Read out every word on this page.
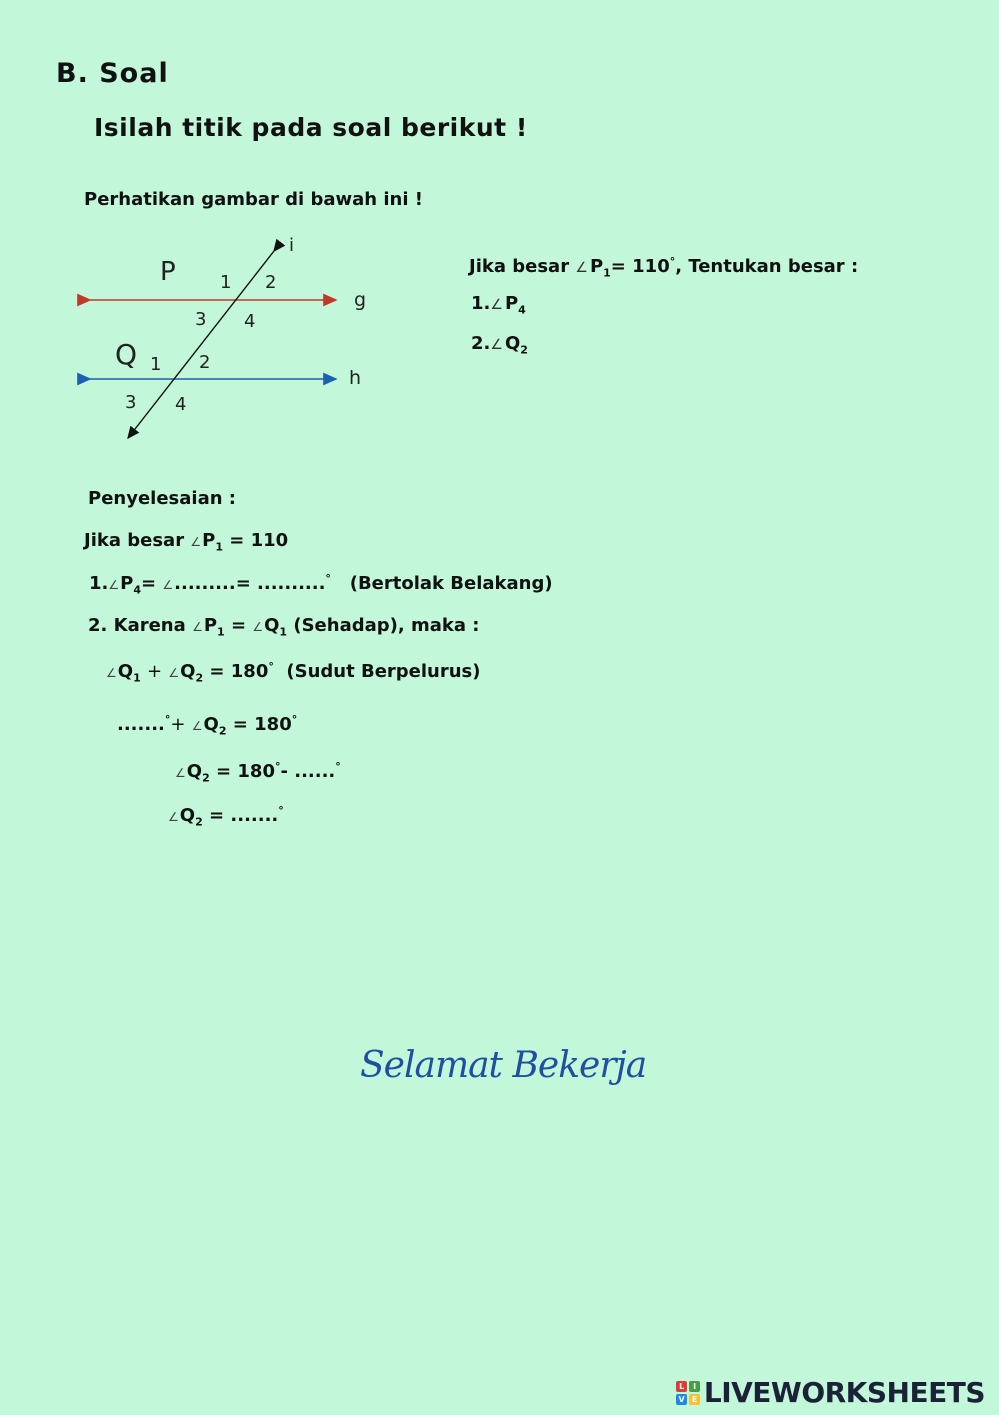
B. Soal
Isilah titik pada soal berikut !
Perhatikan gambar di bawah ini !
i
g
h
P
Q
1 2
3 4
1 2
3 4
Jika besar ∠ $P_1= 110^\circ$, Tentukan besar :
1.∠ $P_4$
2.∠ $Q_2$
Penyelesaian :
Jika besar $\angle P_1 = 110$
$1.\angle P_4=$ ∠.........= ..........° (Bertolak Belakang)
2. Karena $\angle P_1$ = $\angle Q_1$ (Sehadap), maka :
$\angle Q_1$ + $\angle Q_2 = 180^\circ$ (Sudut Berpelurus)
$.......^\circ+ \angle Q_2 = 180^\circ$
$\angle Q_2 = 180^\circ-$ ......°
$\angle Q_2 = .......^\circ$
Selamat Bekerja
L	I
V E LIVEWORKSHEETS
